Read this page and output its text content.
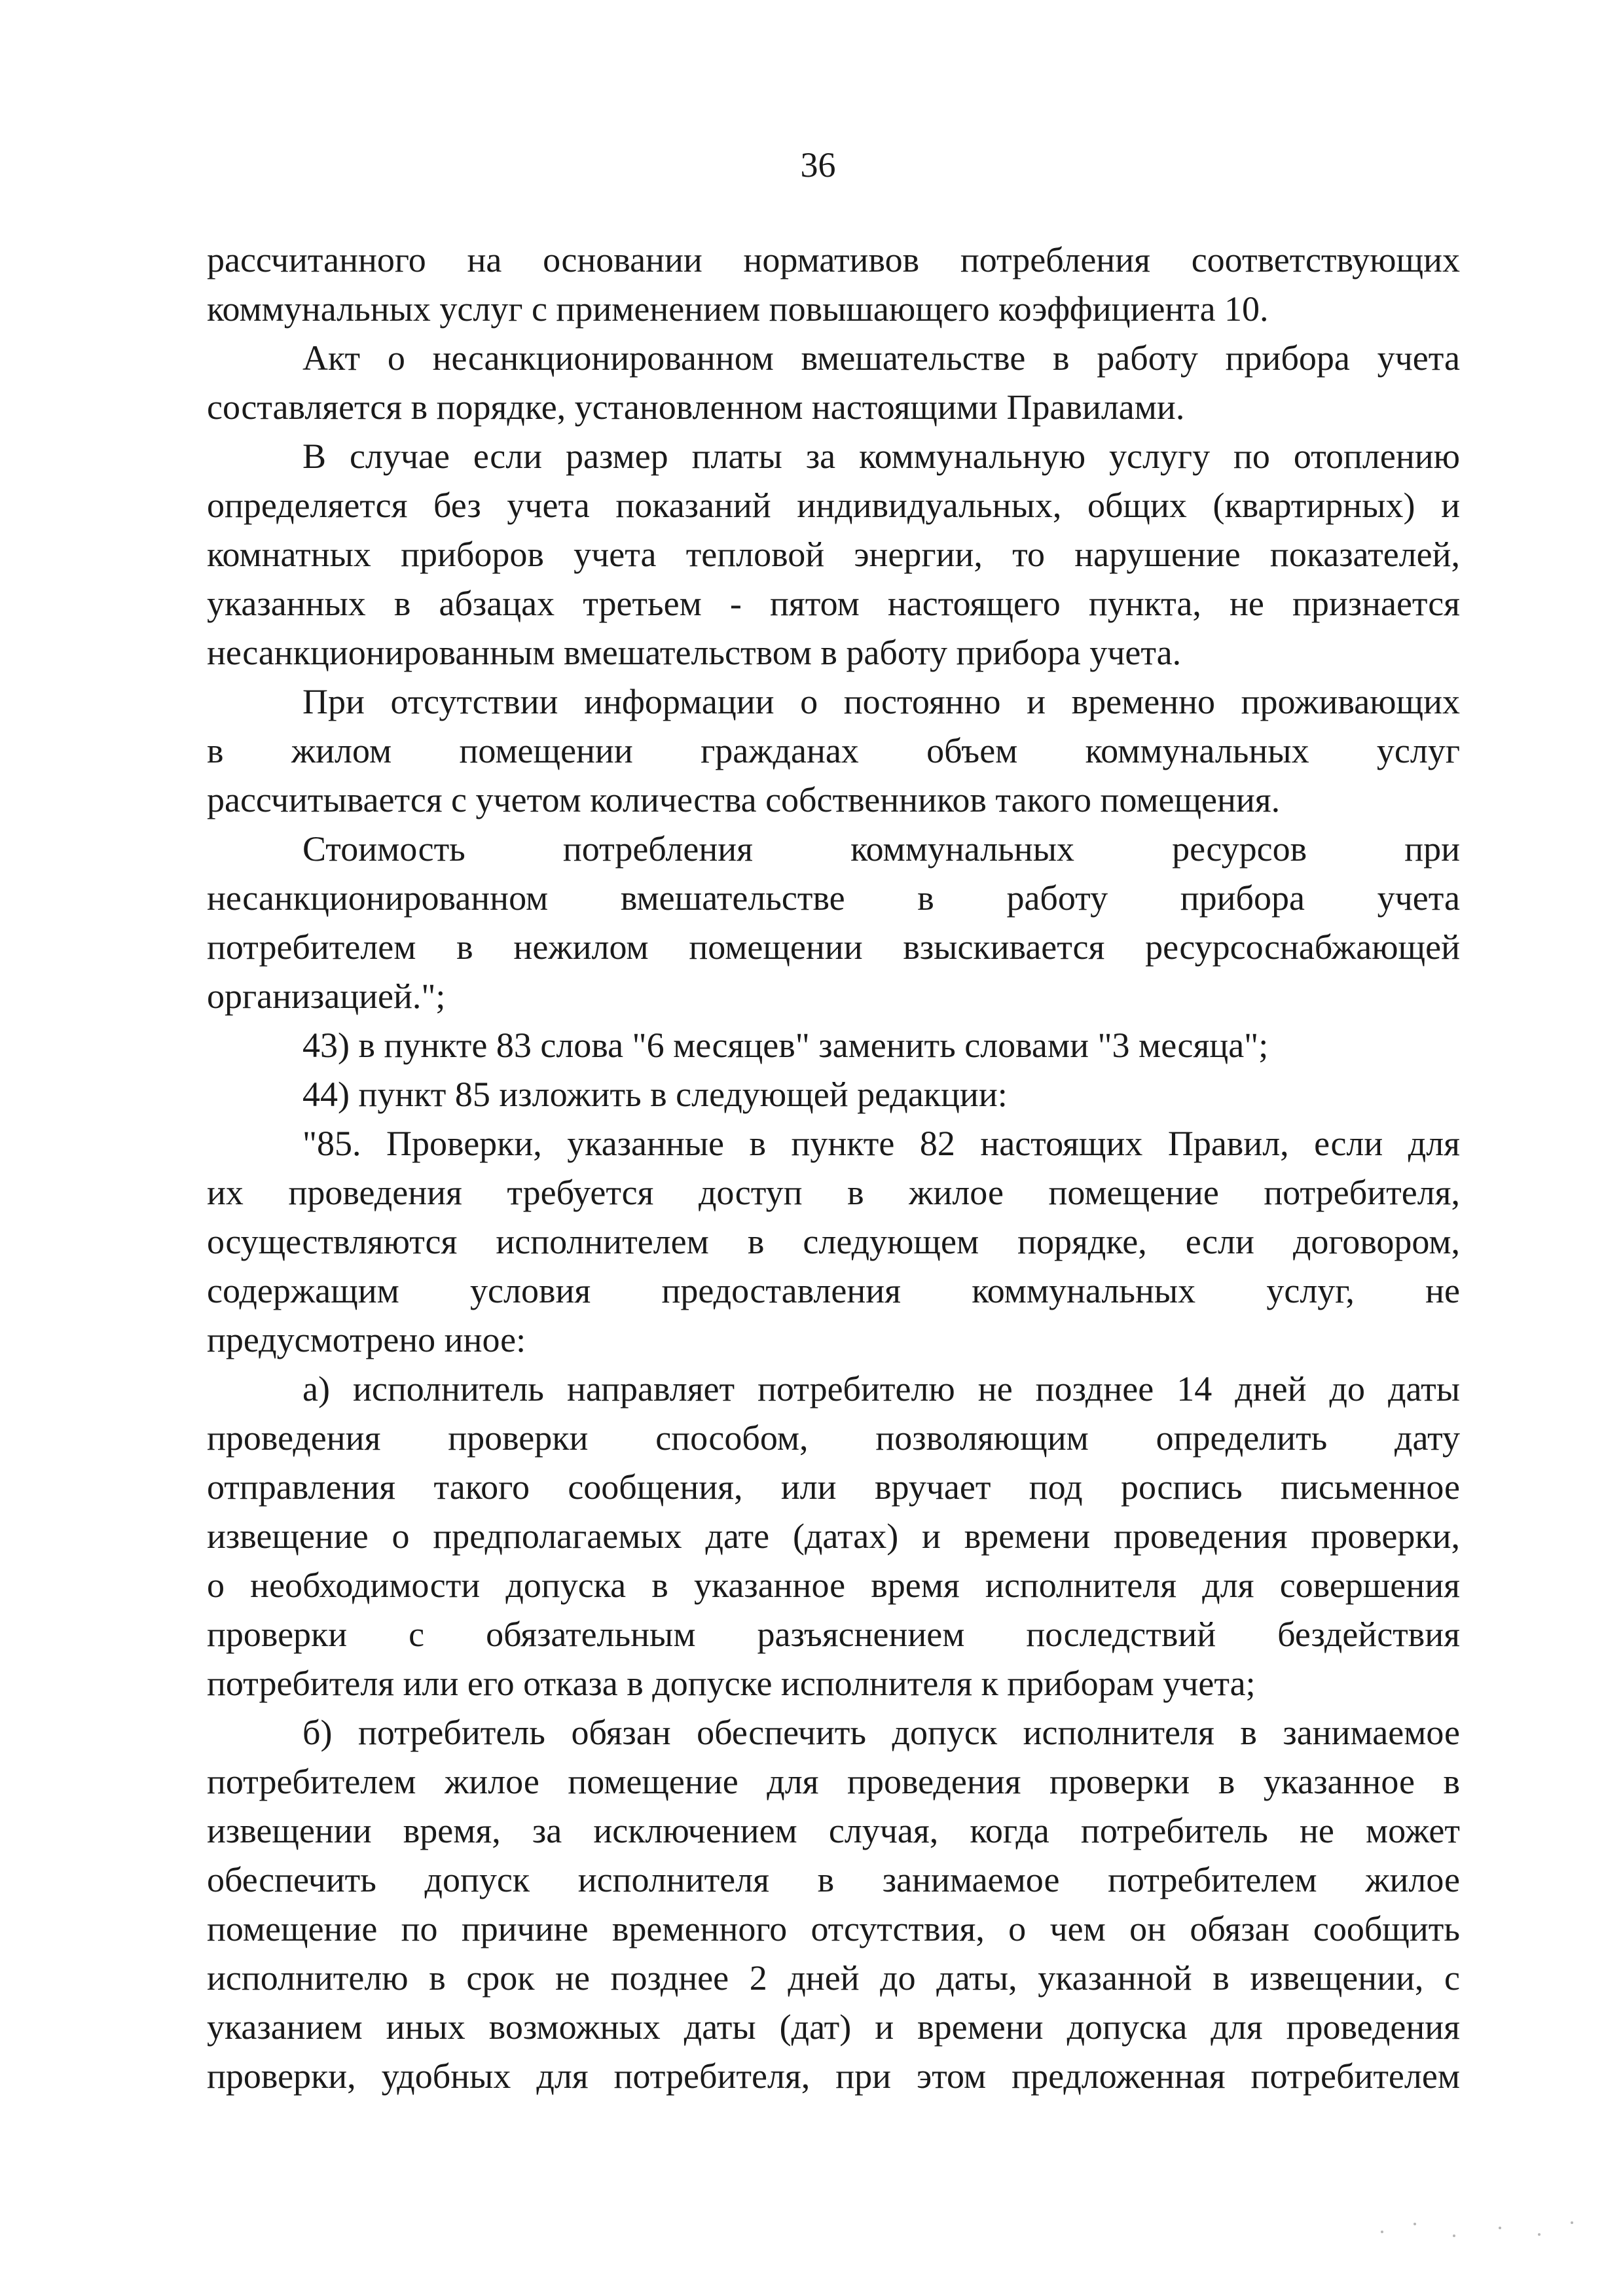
36
рассчитанного на основании нормативов потребления соответствующих
коммунальных услуг с применением повышающего коэффициента 10.
Акт о несанкционированном вмешательстве в работу прибора учета
составляется в порядке, установленном настоящими Правилами.
В случае если размер платы за коммунальную услугу по отоплению
определяется без учета показаний индивидуальных, общих (квартирных) и
комнатных приборов учета тепловой энергии, то нарушение показателей,
указанных в абзацах третьем - пятом настоящего пункта, не признается
несанкционированным вмешательством в работу прибора учета.
При отсутствии информации о постоянно и временно проживающих
в жилом помещении гражданах объем коммунальных услуг
рассчитывается с учетом количества собственников такого помещения.
Стоимость потребления коммунальных ресурсов при
несанкционированном вмешательстве в работу прибора учета
потребителем в нежилом помещении взыскивается ресурсоснабжающей
организацией.";
43) в пункте 83 слова "6 месяцев" заменить словами "3 месяца";
44) пункт 85 изложить в следующей редакции:
"85. Проверки, указанные в пункте 82 настоящих Правил, если для
их проведения требуется доступ в жилое помещение потребителя,
осуществляются исполнителем в следующем порядке, если договором,
содержащим условия предоставления коммунальных услуг, не
предусмотрено иное:
а) исполнитель направляет потребителю не позднее 14 дней до даты
проведения проверки способом, позволяющим определить дату
отправления такого сообщения, или вручает под роспись письменное
извещение о предполагаемых дате (датах) и времени проведения проверки,
о необходимости допуска в указанное время исполнителя для совершения
проверки с обязательным разъяснением последствий бездействия
потребителя или его отказа в допуске исполнителя к приборам учета;
б) потребитель обязан обеспечить допуск исполнителя в занимаемое
потребителем жилое помещение для проведения проверки в указанное в
извещении время, за исключением случая, когда потребитель не может
обеспечить допуск исполнителя в занимаемое потребителем жилое
помещение по причине временного отсутствия, о чем он обязан сообщить
исполнителю в срок не позднее 2 дней до даты, указанной в извещении, с
указанием иных возможных даты (дат) и времени допуска для проведения
проверки, удобных для потребителя, при этом предложенная потребителем
